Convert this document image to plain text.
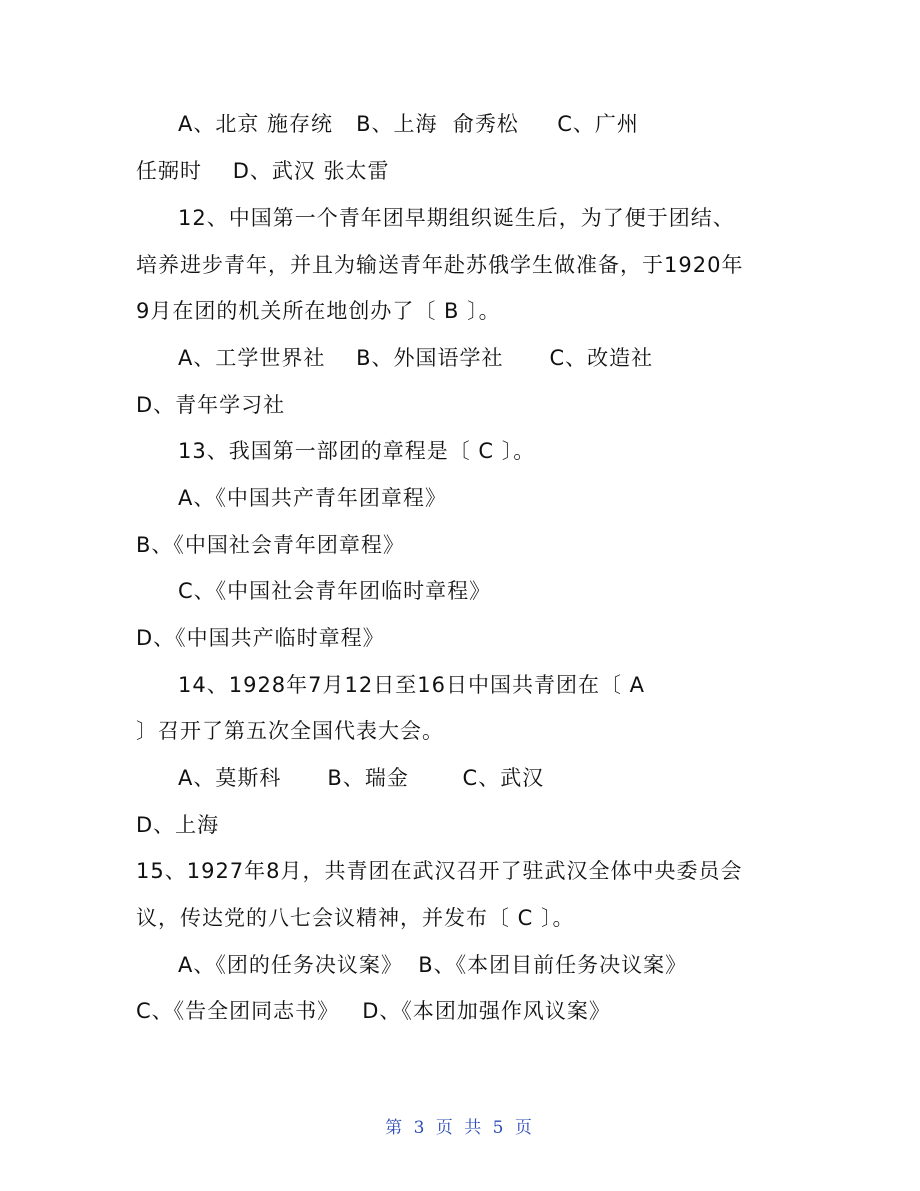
A、北京 施存统   B、上海  俞秀松     C、广州
任弼时    D、武汉 张太雷
12、中国第一个青年团早期组织诞生后，为了便于团结、
培养进步青年，并且为输送青年赴苏俄学生做准备，于1920年
9月在团的机关所在地创办了〔 B 〕。
A、工学世界社    B、外国语学社      C、改造社
D、青年学习社
13、我国第一部团的章程是〔 C 〕。
A、《中国共产青年团章程》
B、《中国社会青年团章程》
C、《中国社会青年团临时章程》
D、《中国共产临时章程》
14、1928年7月12日至16日中国共青团在〔 A
〕召开了第五次全国代表大会。
A、莫斯科      B、瑞金       C、武汉
D、上海
15、1927年8月，共青团在武汉召开了驻武汉全体中央委员会
议，传达党的八七会议精神，并发布〔 C 〕。
A、《团的任务决议案》  B、《本团目前任务决议案》
C、《告全团同志书》   D、《本团加强作风议案》
第 3 页 共 5 页
